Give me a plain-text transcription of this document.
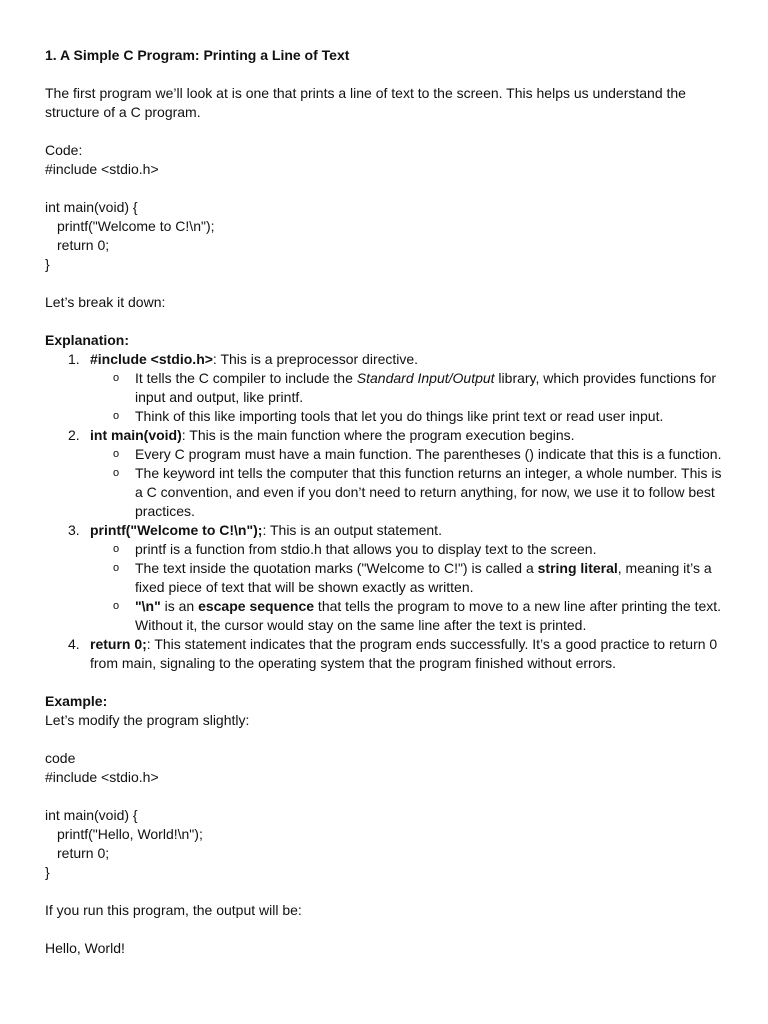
1. A Simple C Program: Printing a Line of Text
The first program we’ll look at is one that prints a line of text to the screen. This helps us understand the structure of a C program.
Code:
#include <stdio.h>
int main(void) {
printf("Welcome to C!\n");
return 0;
}
Let’s break it down:
Explanation:
1. #include <stdio.h>: This is a preprocessor directive.
o It tells the C compiler to include the Standard Input/Output library, which provides functions for input and output, like printf.
o Think of this like importing tools that let you do things like print text or read user input.
2. int main(void): This is the main function where the program execution begins.
o Every C program must have a main function. The parentheses () indicate that this is a function.
o The keyword int tells the computer that this function returns an integer, a whole number. This is a C convention, and even if you don’t need to return anything, for now, we use it to follow best practices.
3. printf("Welcome to C!\n");: This is an output statement.
o printf is a function from stdio.h that allows you to display text to the screen.
o The text inside the quotation marks ("Welcome to C!") is called a string literal, meaning it’s a fixed piece of text that will be shown exactly as written.
o "\n" is an escape sequence that tells the program to move to a new line after printing the text. Without it, the cursor would stay on the same line after the text is printed.
4. return 0;: This statement indicates that the program ends successfully. It’s a good practice to return 0 from main, signaling to the operating system that the program finished without errors.
Example:
Let’s modify the program slightly:
code
#include <stdio.h>
int main(void) {
printf("Hello, World!\n");
return 0;
}
If you run this program, the output will be:
Hello, World!
